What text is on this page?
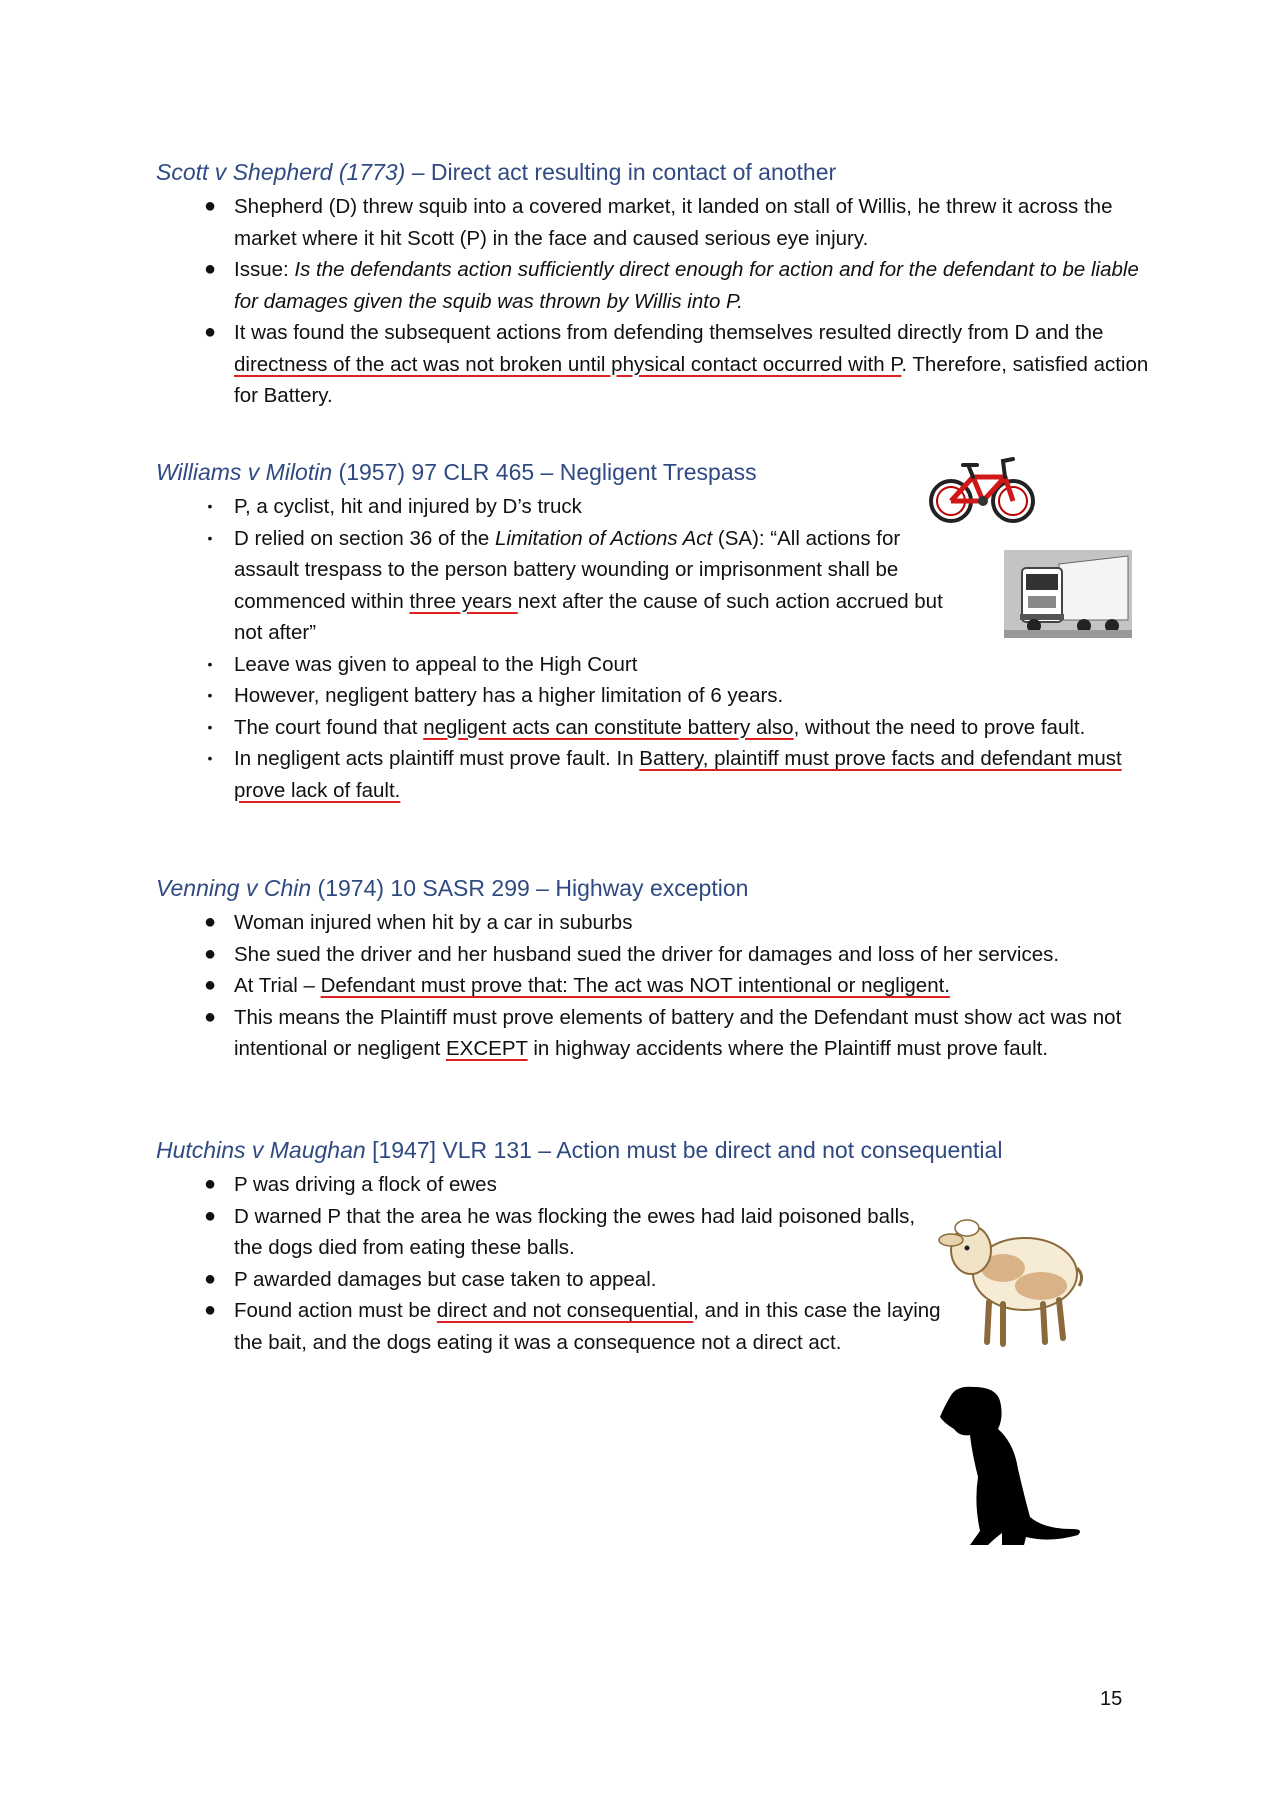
Scott v Shepherd (1773) – Direct act resulting in contact of another
● Shepherd (D) threw squib into a covered market, it landed on stall of Willis, he threw it across the market where it hit Scott (P) in the face and caused serious eye injury.
● Issue: Is the defendants action sufficiently direct enough for action and for the defendant to be liable for damages given the squib was thrown by Willis into P.
● It was found the subsequent actions from defending themselves resulted directly from D and the directness of the act was not broken until physical contact occurred with P. Therefore, satisfied action for Battery.
Williams v Milotin (1957) 97 CLR 465 – Negligent Trespass
•	P, a cyclist, hit and injured by D’s truck
•	D relied on section 36 of the Limitation of Actions Act (SA): “All actions for assault trespass to the person battery wounding or imprisonment shall be commenced within three years next after the cause of such action accrued but not after”
•	Leave was given to appeal to the High Court
•	However, negligent battery has a higher limitation of 6 years.
•	The court found that negligent acts can constitute battery also, without the need to prove fault.
•	In negligent acts plaintiff must prove fault. In Battery, plaintiff must prove facts and defendant must prove lack of fault.
Venning v Chin (1974) 10 SASR 299 – Highway exception
● Woman injured when hit by a car in suburbs
● She sued the driver and her husband sued the driver for damages and loss of her services.
● At Trial – Defendant must prove that: The act was NOT intentional or negligent.
● This means the Plaintiff must prove elements of battery and the Defendant must show act was not intentional or negligent EXCEPT in highway accidents where the Plaintiff must prove fault.
Hutchins v Maughan [1947] VLR 131 – Action must be direct and not consequential
● P was driving a flock of ewes
● D warned P that the area he was flocking the ewes had laid poisoned balls, the dogs died from eating these balls.
● P awarded damages but case taken to appeal.
● Found action must be direct and not consequential, and in this case the laying the bait, and the dogs eating it was a consequence not a direct act.
15
